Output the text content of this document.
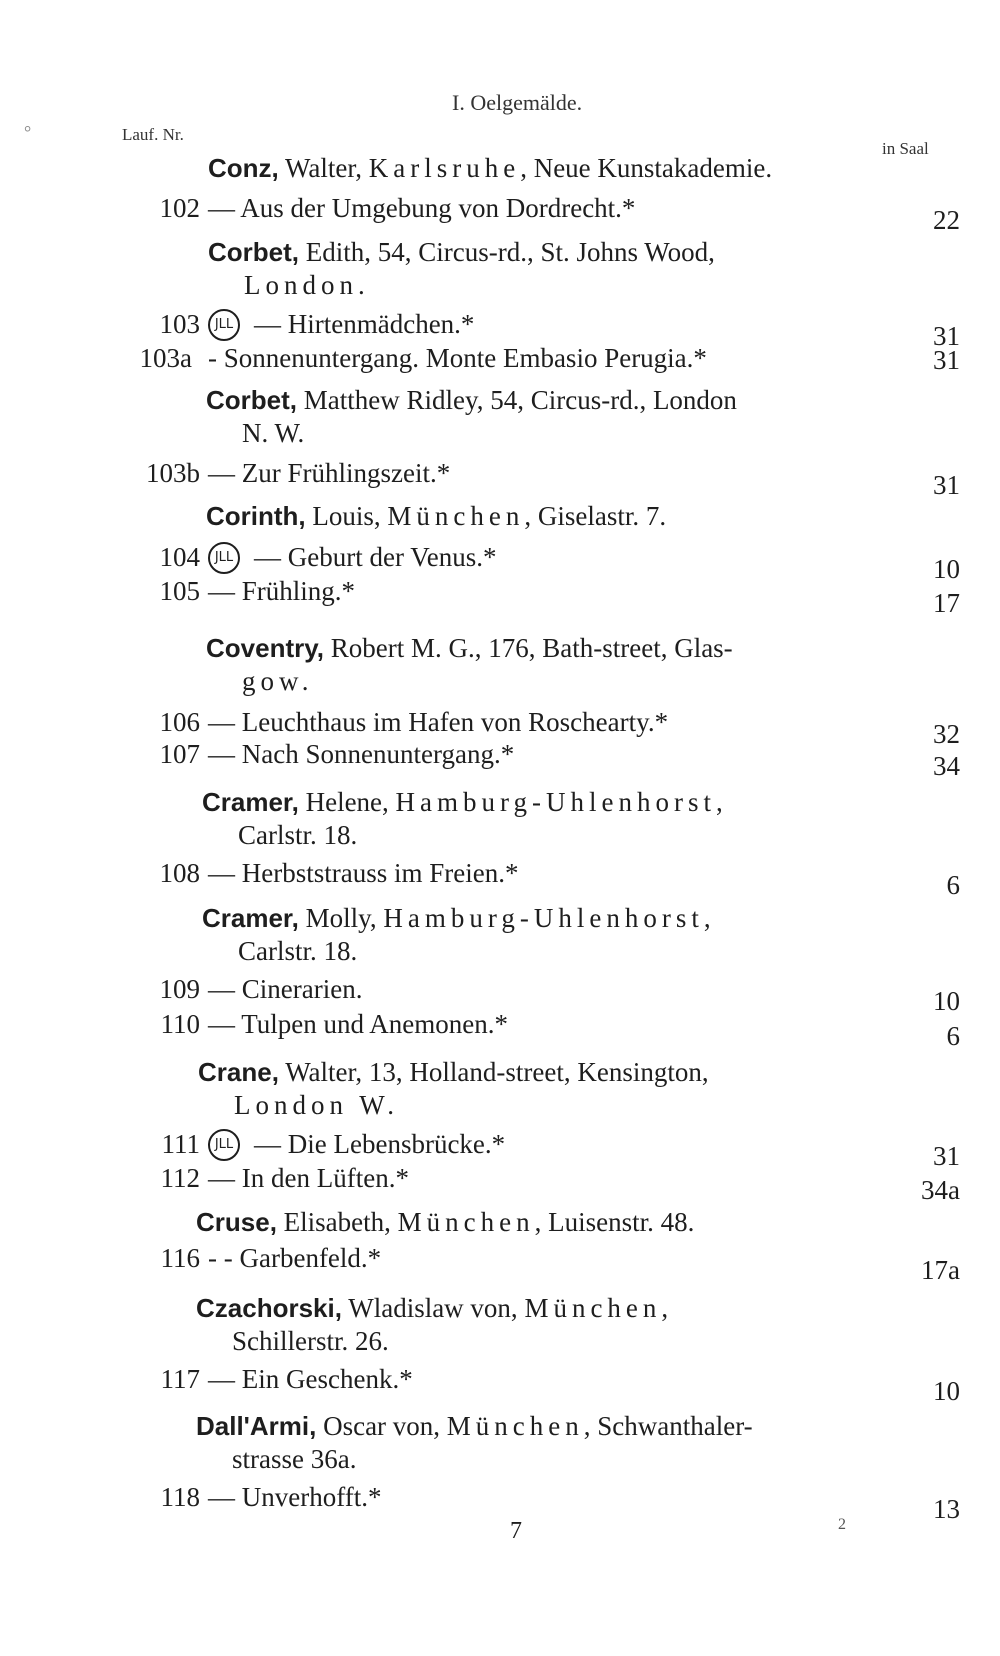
I. Oelgemälde.
°	Lauf. Nr.
in Saal
Conz, Walter, Karlsruhe, Neue Kunstakademie.
102 — Aus der Umgebung von Dordrecht.*	22
Corbet, Edith, 54, Circus-rd., St. Johns Wood,
London.
103	JLL — Hirtenmädchen.*	31
103a - Sonnenuntergang. Monte Embasio Perugia.*	31
Corbet, Matthew Ridley, 54, Circus-rd., London
N. W.
103b — Zur Frühlingszeit.*	31
Corinth, Louis, München, Giselastr. 7.
104	JLL — Geburt der Venus.*	10
105 — Frühling.*	17
Coventry, Robert M. G., 176, Bath-street, Glas-
gow.
106 — Leuchthaus im Hafen von Roschearty.*	32
107 — Nach Sonnenuntergang.*	34
Cramer, Helene, Hamburg-Uhlenhorst,
Carlstr. 18.
108 — Herbststrauss im Freien.*	6
Cramer, Molly, Hamburg-Uhlenhorst,
Carlstr. 18.
109 — Cinerarien.	10
110 — Tulpen und Anemonen.*	6
Crane, Walter, 13, Holland-street, Kensington,
London W.
111	JLL — Die Lebensbrücke.*	31
112 — In den Lüften.*	34a
Cruse, Elisabeth, München, Luisenstr. 48.
116 - - Garbenfeld.*	17a
Czachorski, Wladislaw von, München,
Schillerstr. 26.
117 — Ein Geschenk.*	10
Dall'Armi, Oscar von, München, Schwanthaler-
strasse 36a.
118 — Unverhofft.*	13
7	2
